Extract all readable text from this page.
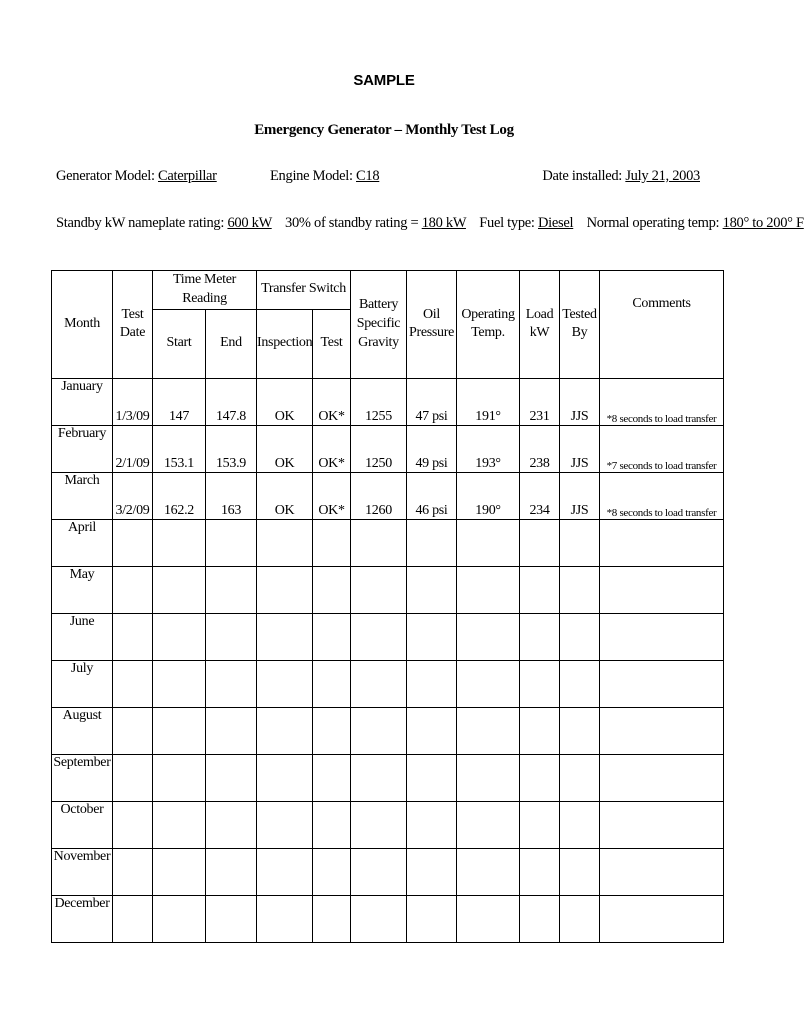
SAMPLE
Emergency Generator – Monthly Test Log
Generator Model: Caterpillar	Engine Model: C18	Date installed: July 21, 2003
Standby kW nameplate rating: 600 kW 30% of standby rating = 180 kW Fuel type: Diesel Normal operating temp: 180° to 200° F
Month	Test Date	Time Meter Reading		Transfer Switch		Battery Specific Gravity	Oil Pressure	Operating Temp.	Load kW	Tested By	Comments
		Start	End	Inspection	Test						
January	1/3/09	147	147.8	OK	OK*	1255	47 psi	191°	231	JJS	*8 seconds to load transfer
February	2/1/09	153.1	153.9	OK	OK*	1250	49 psi	193°	238	JJS	*7 seconds to load transfer
March	3/2/09	162.2	163	OK	OK*	1260	46 psi	190°	234	JJS	*8 seconds to load transfer
April											
May											
June											
July											
August											
September											
October											
November											
December											
